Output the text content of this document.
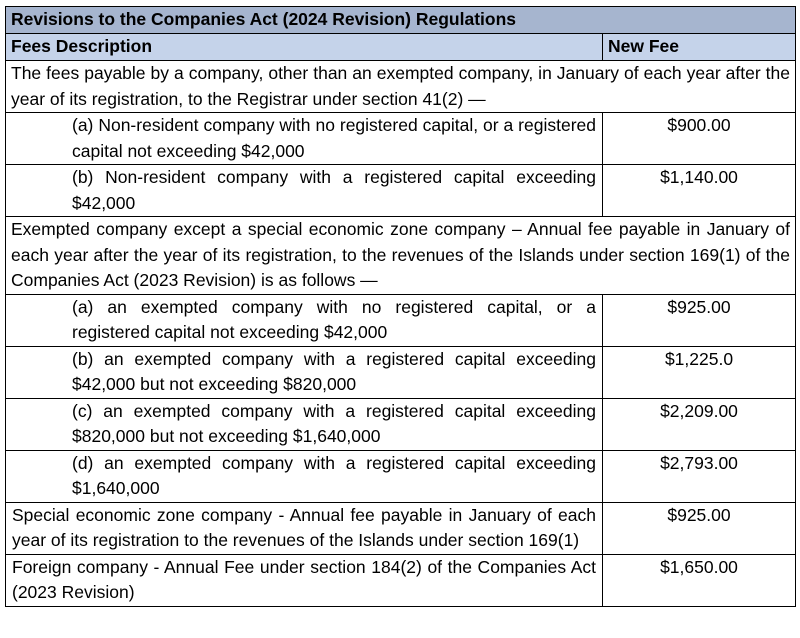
Revisions to the Companies Act (2024 Revision) Regulations	
Fees Description	New Fee
The fees payable by a company, other than an exempted company, in January of each year after the year of its registration, to the Registrar under section 41(2) —	
(a) Non-resident company with no registered capital, or a registered capital not exceeding $42,000	$900.00
(b) Non-resident company with a registered capital exceeding $42,000	$1,140.00
Exempted company except a special economic zone company – Annual fee payable in January of each year after the year of its registration, to the revenues of the Islands under section 169(1) of the Companies Act (2023 Revision) is as follows —	
(a) an exempted company with no registered capital, or a registered capital not exceeding $42,000	$925.00
(b) an exempted company with a registered capital exceeding $42,000 but not exceeding $820,000	$1,225.0
(c) an exempted company with a registered capital exceeding $820,000 but not exceeding $1,640,000	$2,209.00
(d) an exempted company with a registered capital exceeding $1,640,000	$2,793.00
Special economic zone company - Annual fee payable in January of each year of its registration to the revenues of the Islands under section 169(1)	$925.00
Foreign company - Annual Fee under section 184(2) of the Companies Act (2023 Revision)	$1,650.00
